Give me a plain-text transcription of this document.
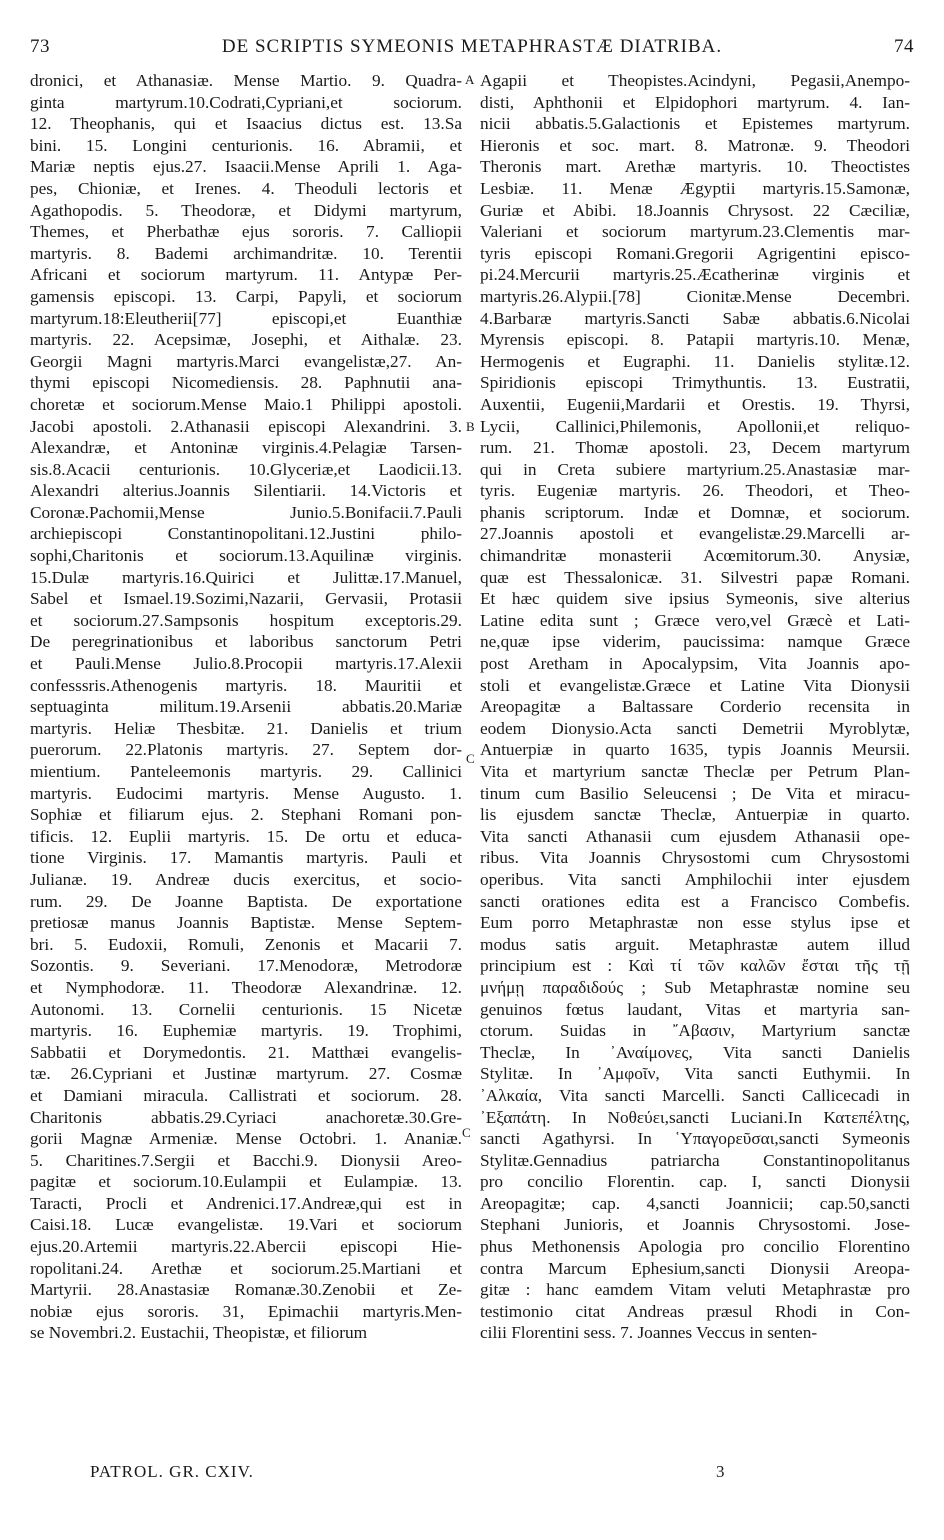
73	DE SCRIPTIS SYMEONIS METAPHRASTÆ DIATRIBA.	74
dronici, et Athanasiæ. Mense Martio. 9. Quadra-
ginta martyrum.10.Codrati,Cypriani,et sociorum.
12. Theophanis, qui et Isaacius dictus est. 13.Sa
bini. 15. Longini centurionis. 16. Abramii, et
Mariæ neptis ejus.27. Isaacii.Mense Aprili 1. Aga-
pes, Chioniæ, et Irenes. 4. Theoduli lectoris et
Agathopodis. 5. Theodoræ, et Didymi martyrum,
Themes, et Pherbathæ ejus sororis. 7. Calliopii
martyris. 8. Bademi archimandritæ. 10. Terentii
Africani et sociorum martyrum. 11. Antypæ Per-
gamensis episcopi. 13. Carpi, Papyli, et sociorum
martyrum.18:Eleutherii[77] episcopi,et Euanthiæ
martyris. 22. Acepsimæ, Josephi, et Aithalæ. 23.
Georgii Magni martyris.Marci evangelistæ,27. An-
thymi episcopi Nicomediensis. 28. Paphnutii ana-
choretæ et sociorum.Mense Maio.1 Philippi apostoli.
Jacobi apostoli. 2.Athanasii episcopi Alexandrini. 3.
Alexandræ, et Antoninæ virginis.4.Pelagiæ Tarsen-
sis.8.Acacii centurionis. 10.Glyceriæ,et Laodicii.13.
Alexandri alterius.Joannis Silentiarii. 14.Victoris et
Coronæ.Pachomii,Mense Junio.5.Bonifacii.7.Pauli
archiepiscopi Constantinopolitani.12.Justini philo-
sophi,Charitonis et sociorum.13.Aquilinæ virginis.
15.Dulæ martyris.16.Quirici et Julittæ.17.Manuel,
Sabel et Ismael.19.Sozimi,Nazarii, Gervasii, Protasii
et sociorum.27.Sampsonis hospitum exceptoris.29.
De peregrinationibus et laboribus sanctorum Petri
et Pauli.Mense Julio.8.Procopii martyris.17.Alexii
confesssris.Athenogenis martyris. 18. Mauritii et
septuaginta militum.19.Arsenii abbatis.20.Mariæ
martyris. Heliæ Thesbitæ. 21. Danielis et trium
puerorum. 22.Platonis martyris. 27. Septem dor-
mientium. Panteleemonis martyris. 29. Callinici
martyris. Eudocimi martyris. Mense Augusto. 1.
Sophiæ et filiarum ejus. 2. Stephani Romani pon-
tificis. 12. Euplii martyris. 15. De ortu et educa-
tione Virginis. 17. Mamantis martyris. Pauli et
Julianæ. 19. Andreæ ducis exercitus, et socio-
rum. 29. De Joanne Baptista. De exportatione
pretiosæ manus Joannis Baptistæ. Mense Septem-
bri. 5. Eudoxii, Romuli, Zenonis et Macarii 7.
Sozontis. 9. Severiani. 17.Menodoræ, Metrodoræ
et Nymphodoræ. 11. Theodoræ Alexandrinæ. 12.
Autonomi. 13. Cornelii centurionis. 15 Nicetæ
martyris. 16. Euphemiæ martyris. 19. Trophimi,
Sabbatii et Dorymedontis. 21. Matthæi evangelis-
tæ. 26.Cypriani et Justinæ martyrum. 27. Cosmæ
et Damiani miracula. Callistrati et sociorum. 28.
Charitonis abbatis.29.Cyriaci anachoretæ.30.Gre-
gorii Magnæ Armeniæ. Mense Octobri. 1. Ananiæ.
5. Charitines.7.Sergii et Bacchi.9. Dionysii Areo-
pagitæ et sociorum.10.Eulampii et Eulampiæ. 13.
Taracti, Procli et Andrenici.17.Andreæ,qui est in
Caisi.18. Lucæ evangelistæ. 19.Vari et sociorum
ejus.20.Artemii martyris.22.Abercii episcopi Hie-
ropolitani.24. Arethæ et sociorum.25.Martiani et
Martyrii. 28.Anastasiæ Romanæ.30.Zenobii et Ze-
nobiæ ejus sororis. 31, Epimachii martyris.Men-
se Novembri.2. Eustachii, Theopistæ, et filiorum
Agapii et Theopistes.Acindyni, Pegasii,Anempo-
disti, Aphthonii et Elpidophori martyrum. 4. Ian-
nicii abbatis.5.Galactionis et Epistemes martyrum.
Hieronis et soc. mart. 8. Matronæ. 9. Theodori
Theronis mart. Arethæ martyris. 10. Theoctistes
Lesbiæ. 11. Menæ Ægyptii martyris.15.Samonæ,
Guriæ et Abibi. 18.Joannis Chrysost. 22 Cæciliæ,
Valeriani et sociorum martyrum.23.Clementis mar-
tyris episcopi Romani.Gregorii Agrigentini episco-
pi.24.Mercurii martyris.25.Æcatherinæ virginis et
martyris.26.Alypii.[78] Cionitæ.Mense Decembri.
4.Barbaræ martyris.Sancti Sabæ abbatis.6.Nicolai
Myrensis episcopi. 8. Patapii martyris.10. Menæ,
Hermogenis et Eugraphi. 11. Danielis stylitæ.12.
Spiridionis episcopi Trimythuntis. 13. Eustratii,
Auxentii, Eugenii,Mardarii et Orestis. 19. Thyrsi,
Lycii, Callinici,Philemonis, Apollonii,et reliquo-
rum. 21. Thomæ apostoli. 23, Decem martyrum
qui in Creta subiere martyrium.25.Anastasiæ mar-
tyris. Eugeniæ martyris. 26. Theodori, et Theo-
phanis scriptorum. Indæ et Domnæ, et sociorum.
27.Joannis apostoli et evangelistæ.29.Marcelli ar-
chimandritæ monasterii Acœmitorum.30. Anysiæ,
quæ est Thessalonicæ. 31. Silvestri papæ Romani.
Et hæc quidem sive ipsius Symeonis, sive alterius
Latine edita sunt ; Græce vero,vel Græcè et Lati-
ne,quæ ipse viderim, paucissima: namque Græce
post Aretham in Apocalypsim, Vita Joannis apo-
stoli et evangelistæ.Græce et Latine Vita Dionysii
Areopagitæ a Baltassare Corderio recensita in
eodem Dionysio.Acta sancti Demetrii Myroblytæ,
Antuerpiæ in quarto 1635, typis Joannis Meursii.
Vita et martyrium sanctæ Theclæ per Petrum Plan-
tinum cum Basilio Seleucensi ; De Vita et miracu-
lis ejusdem sanctæ Theclæ, Antuerpiæ in quarto.
Vita sancti Athanasii cum ejusdem Athanasii ope-
ribus. Vita Joannis Chrysostomi cum Chrysostomi
operibus. Vita sancti Amphilochii inter ejusdem
sancti orationes edita est a Francisco Combefis.
Eum porro Metaphrastæ non esse stylus ipse et
modus satis arguit. Metaphrastæ autem illud
principium est : Καὶ τί τῶν καλῶν ἔσται τῆς τῇ
μνήμῃ παραδιδούς ; Sub Metaphrastæ nomine seu
genuinos fœtus laudant, Vitas et martyria san-
ctorum. Suidas in ῎Αβασιν, Martyrium sanctæ
Theclæ, In ᾿Αναίμονες, Vita sancti Danielis
Stylitæ. In ᾿Αμφοῖν, Vita sancti Euthymii. In
᾿Αλκαία, Vita sancti Marcelli. Sancti Callicecadi in
᾿Εξαπάτη. In Νοθεύει,sancti Luciani.In Κατεπέλτης,
sancti Agathyrsi. In ῾Υπαγορεῦσαι,sancti Symeonis
Stylitæ.Gennadius patriarcha Constantinopolitanus
pro concilio Florentin. cap. I, sancti Dionysii
Areopagitæ; cap. 4,sancti Joannicii; cap.50,sancti
Stephani Junioris, et Joannis Chrysostomi. Jose-
phus Methonensis Apologia pro concilio Florentino
contra Marcum Ephesium,sancti Dionysii Areopa-
gitæ : hanc eamdem Vitam veluti Metaphrastæ pro
testimonio citat Andreas præsul Rhodi in Con-
cilii Florentini sess. 7. Joannes Veccus in senten-
A
B
C
C
PATROL. GR. CXIV.	3
